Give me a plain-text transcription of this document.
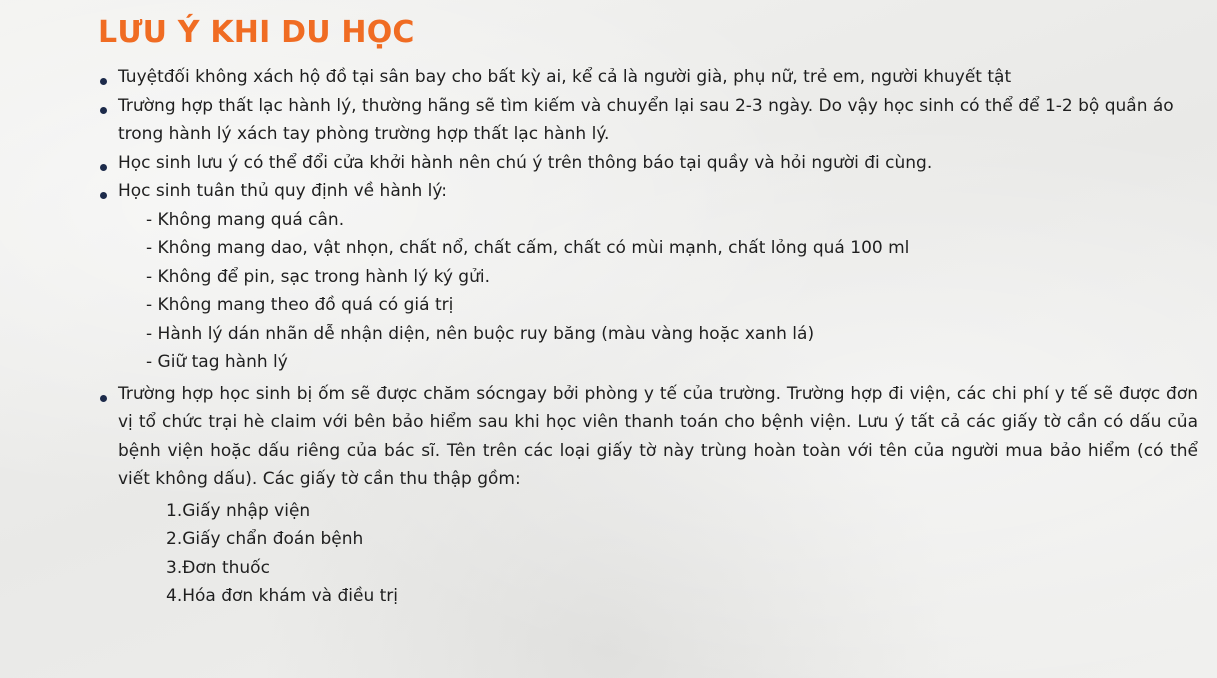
LƯU Ý KHI DU HỌC
Tuyệtđối không xách hộ đồ tại sân bay cho bất kỳ ai, kể cả là người già, phụ nữ, trẻ em, người khuyết tật
Trường hợp thất lạc hành lý, thường hãng sẽ tìm kiếm và chuyển lại sau 2-3 ngày. Do vậy học sinh có thể để 1-2 bộ quần áo trong hành lý xách tay phòng trường hợp thất lạc hành lý.
Học sinh lưu ý có thể đổi cửa khởi hành nên chú ý trên thông báo tại quầy và hỏi người đi cùng.
Học sinh tuân thủ quy định về hành lý:
- Không mang quá cân.
- Không mang dao, vật nhọn, chất nổ, chất cấm, chất có mùi mạnh, chất lỏng quá 100 ml
- Không để pin, sạc trong hành lý ký gửi.
- Không mang theo đồ quá có giá trị
- Hành lý dán nhãn dễ nhận diện, nên buộc ruy băng (màu vàng hoặc xanh lá)
- Giữ tag hành lý
Trường hợp học sinh bị ốm sẽ được chăm sócngay bởi phòng y tế của trường. Trường hợp đi viện, các chi phí y tế sẽ được đơn vị tổ chức trại hè claim với bên bảo hiểm sau khi học viên thanh toán cho bệnh viện. Lưu ý tất cả các giấy tờ cần có dấu của bệnh viện hoặc dấu riêng của bác sĩ. Tên trên các loại giấy tờ này trùng hoàn toàn với tên của người mua bảo hiểm (có thể viết không dấu). Các giấy tờ cần thu thập gồm:
1.Giấy nhập viện
2.Giấy chẩn đoán bệnh
3.Đơn thuốc
4.Hóa đơn khám và điều trị
